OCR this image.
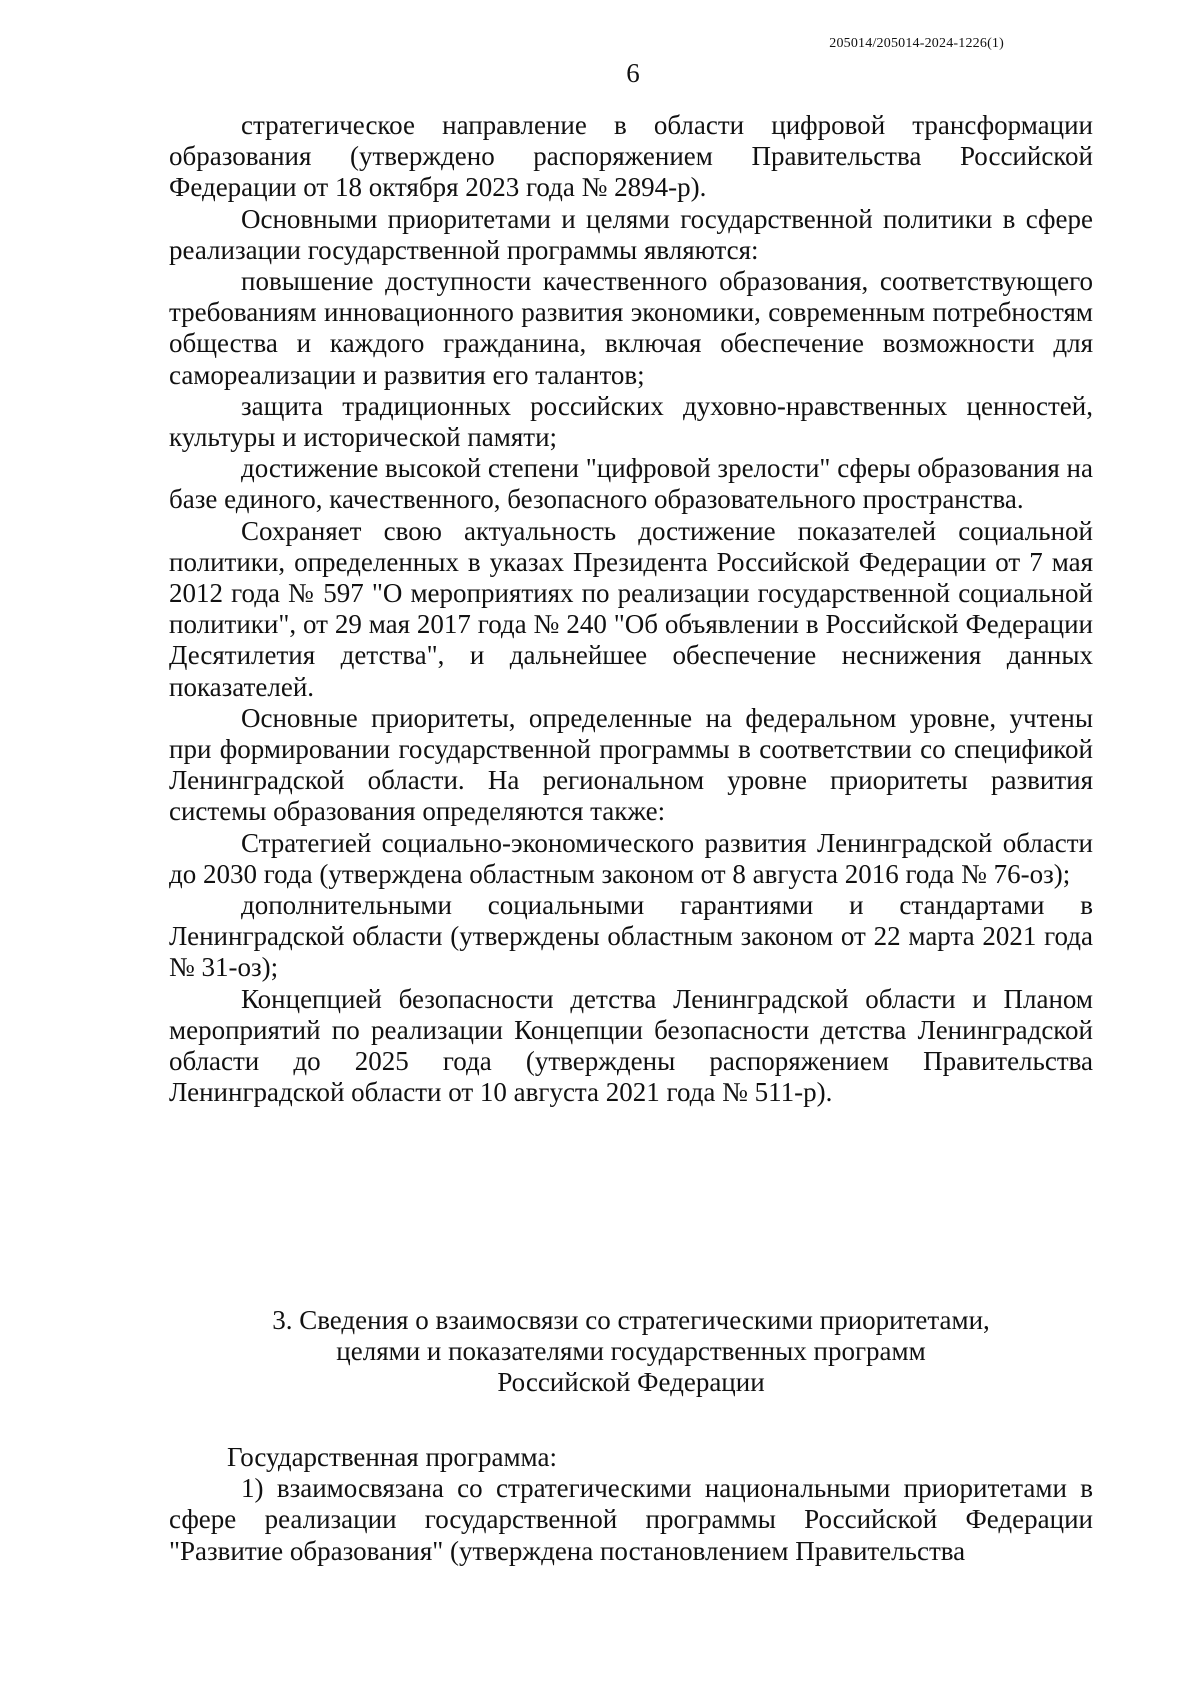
205014/205014-2024-1226(1)
6

стратегическое направление в области цифровой трансформации образования (утверждено распоряжением Правительства Российской Федерации от 18 октября 2023 года № 2894-р).

Основными приоритетами и целями государственной политики в сфере реализации государственной программы являются:

повышение доступности качественного образования, соответствующего требованиям инновационного развития экономики, современным потребностям общества и каждого гражданина, включая обеспечение возможности для самореализации и развития его талантов;

защита традиционных российских духовно-нравственных ценностей, культуры и исторической памяти;

достижение высокой степени "цифровой зрелости" сферы образования на базе единого, качественного, безопасного образовательного пространства.

Сохраняет свою актуальность достижение показателей социальной политики, определенных в указах Президента Российской Федерации от 7 мая 2012 года № 597 "О мероприятиях по реализации государственной социальной политики", от 29 мая 2017 года № 240 "Об объявлении в Российской Федерации Десятилетия детства", и дальнейшее обеспечение неснижения данных показателей.

Основные приоритеты, определенные на федеральном уровне, учтены при формировании государственной программы в соответствии со спецификой Ленинградской области. На региональном уровне приоритеты развития системы образования определяются также:

Стратегией социально-экономического развития Ленинградской области до 2030 года (утверждена областным законом от 8 августа 2016 года № 76-оз);

дополнительными социальными гарантиями и стандартами в Ленинградской области (утверждены областным законом от 22 марта 2021 года № 31-оз);

Концепцией безопасности детства Ленинградской области и Планом мероприятий по реализации Концепции безопасности детства Ленинградской области до 2025 года (утверждены распоряжением Правительства Ленинградской области от 10 августа 2021 года № 511-р).

3. Сведения о взаимосвязи со стратегическими приоритетами,
целями и показателями государственных программ
Российской Федерации

Государственная программа:

1) взаимосвязана со стратегическими национальными приоритетами в сфере реализации государственной программы Российской Федерации "Развитие образования" (утверждена постановлением Правительства
